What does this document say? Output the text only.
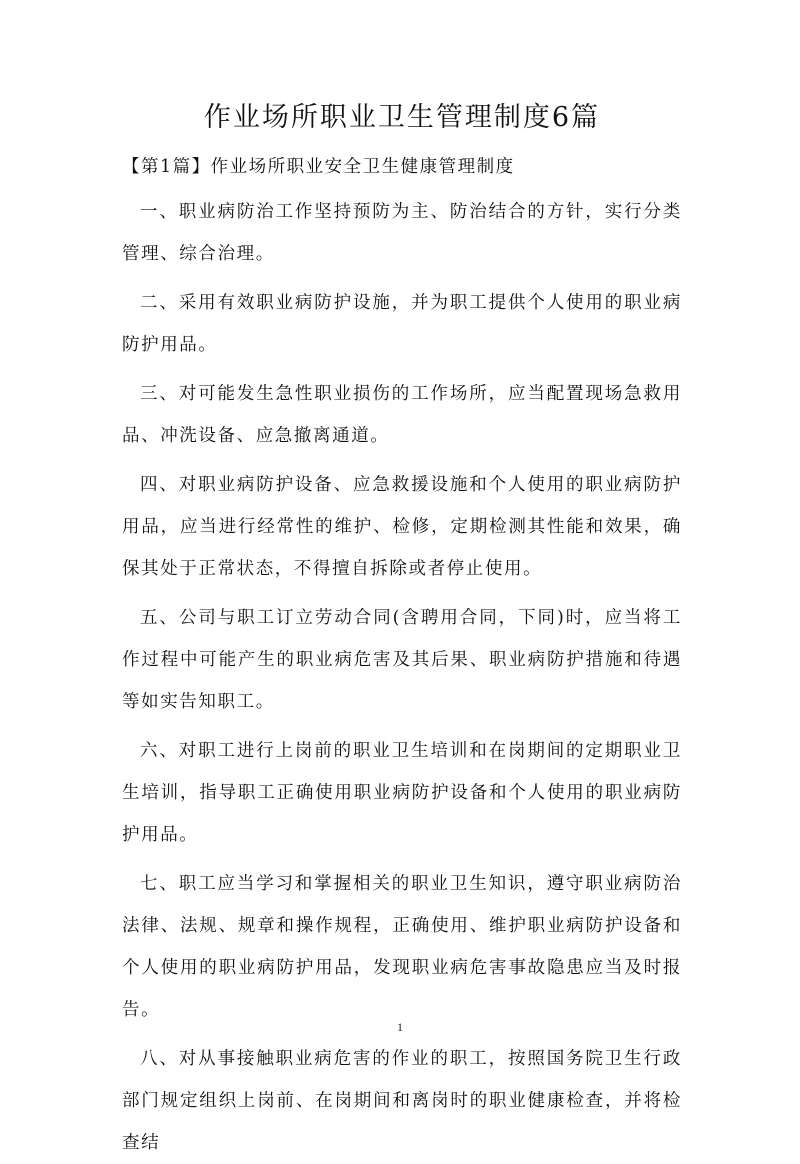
作业场所职业卫生管理制度6篇

【第1篇】作业场所职业安全卫生健康管理制度

一、职业病防治工作坚持预防为主、防治结合的方针，实行分类管理、综合治理。

二、采用有效职业病防护设施，并为职工提供个人使用的职业病防护用品。

三、对可能发生急性职业损伤的工作场所，应当配置现场急救用品、冲洗设备、应急撤离通道。

四、对职业病防护设备、应急救援设施和个人使用的职业病防护用品，应当进行经常性的维护、检修，定期检测其性能和效果，确保其处于正常状态，不得擅自拆除或者停止使用。

五、公司与职工订立劳动合同(含聘用合同，下同)时，应当将工作过程中可能产生的职业病危害及其后果、职业病防护措施和待遇等如实告知职工。

六、对职工进行上岗前的职业卫生培训和在岗期间的定期职业卫生培训，指导职工正确使用职业病防护设备和个人使用的职业病防护用品。

七、职工应当学习和掌握相关的职业卫生知识，遵守职业病防治法律、法规、规章和操作规程，正确使用、维护职业病防护设备和个人使用的职业病防护用品，发现职业病危害事故隐患应当及时报告。

八、对从事接触职业病危害的作业的职工，按照国务院卫生行政部门规定组织上岗前、在岗期间和离岗时的职业健康检查，并将检查结

1
